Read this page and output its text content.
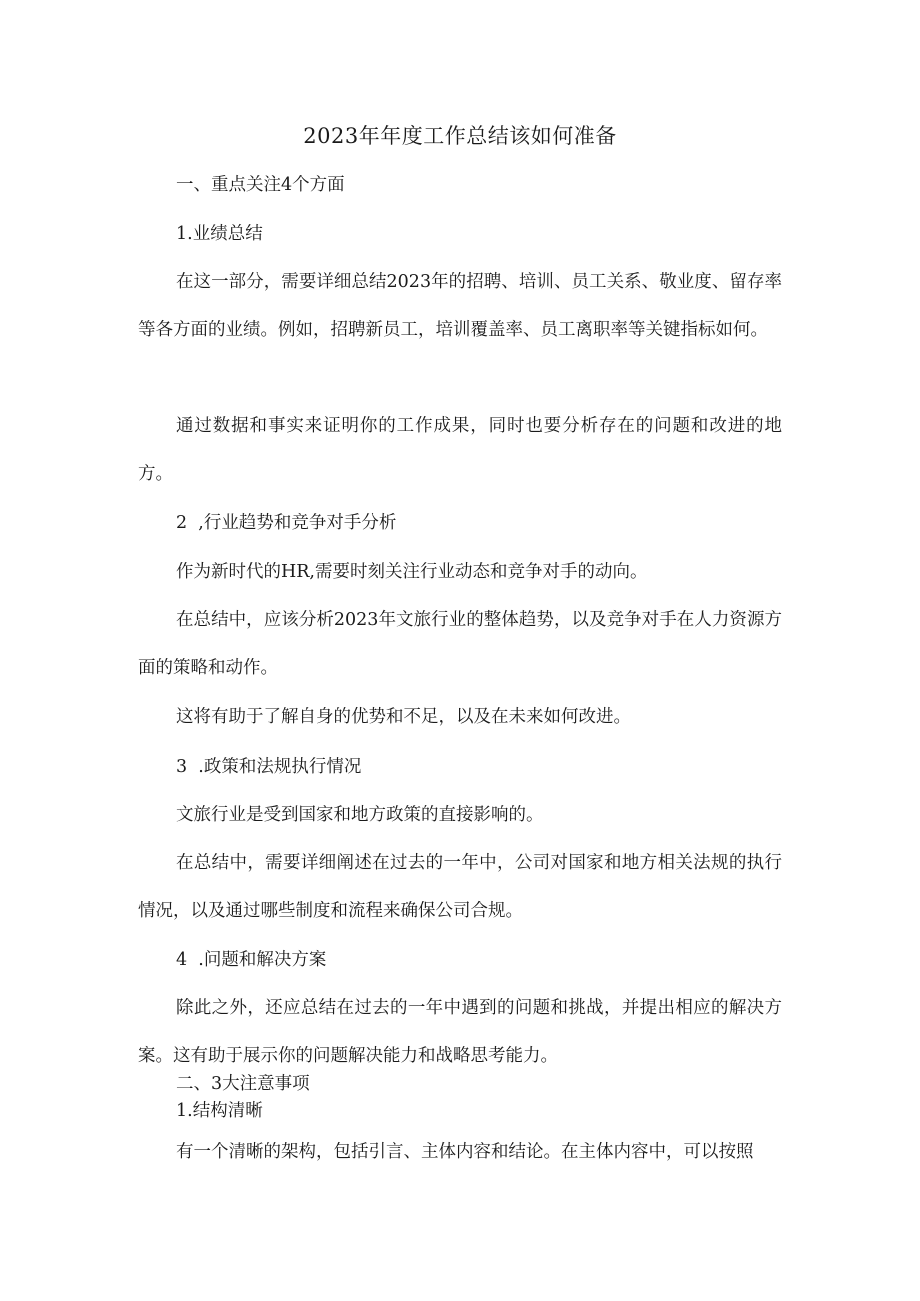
2023年年度工作总结该如何准备
一、重点关注4个方面
1.业绩总结
在这一部分，需要详细总结2023年的招聘、培训、员工关系、敬业度、留存率等各方面的业绩。例如，招聘新员工，培训覆盖率、员工离职率等关键指标如何。
通过数据和事实来证明你的工作成果，同时也要分析存在的问题和改进的地方。
2  ,行业趋势和竞争对手分析
作为新时代的HR,需要时刻关注行业动态和竞争对手的动向。
在总结中，应该分析2023年文旅行业的整体趋势，以及竞争对手在人力资源方面的策略和动作。
这将有助于了解自身的优势和不足，以及在未来如何改进。
3  .政策和法规执行情况
文旅行业是受到国家和地方政策的直接影响的。
在总结中，需要详细阐述在过去的一年中，公司对国家和地方相关法规的执行情况，以及通过哪些制度和流程来确保公司合规。
4  .问题和解决方案
除此之外，还应总结在过去的一年中遇到的问题和挑战，并提出相应的解决方案。这有助于展示你的问题解决能力和战略思考能力。
二、3大注意事项
1.结构清晰
有一个清晰的架构，包括引言、主体内容和结论。在主体内容中，可以按照
